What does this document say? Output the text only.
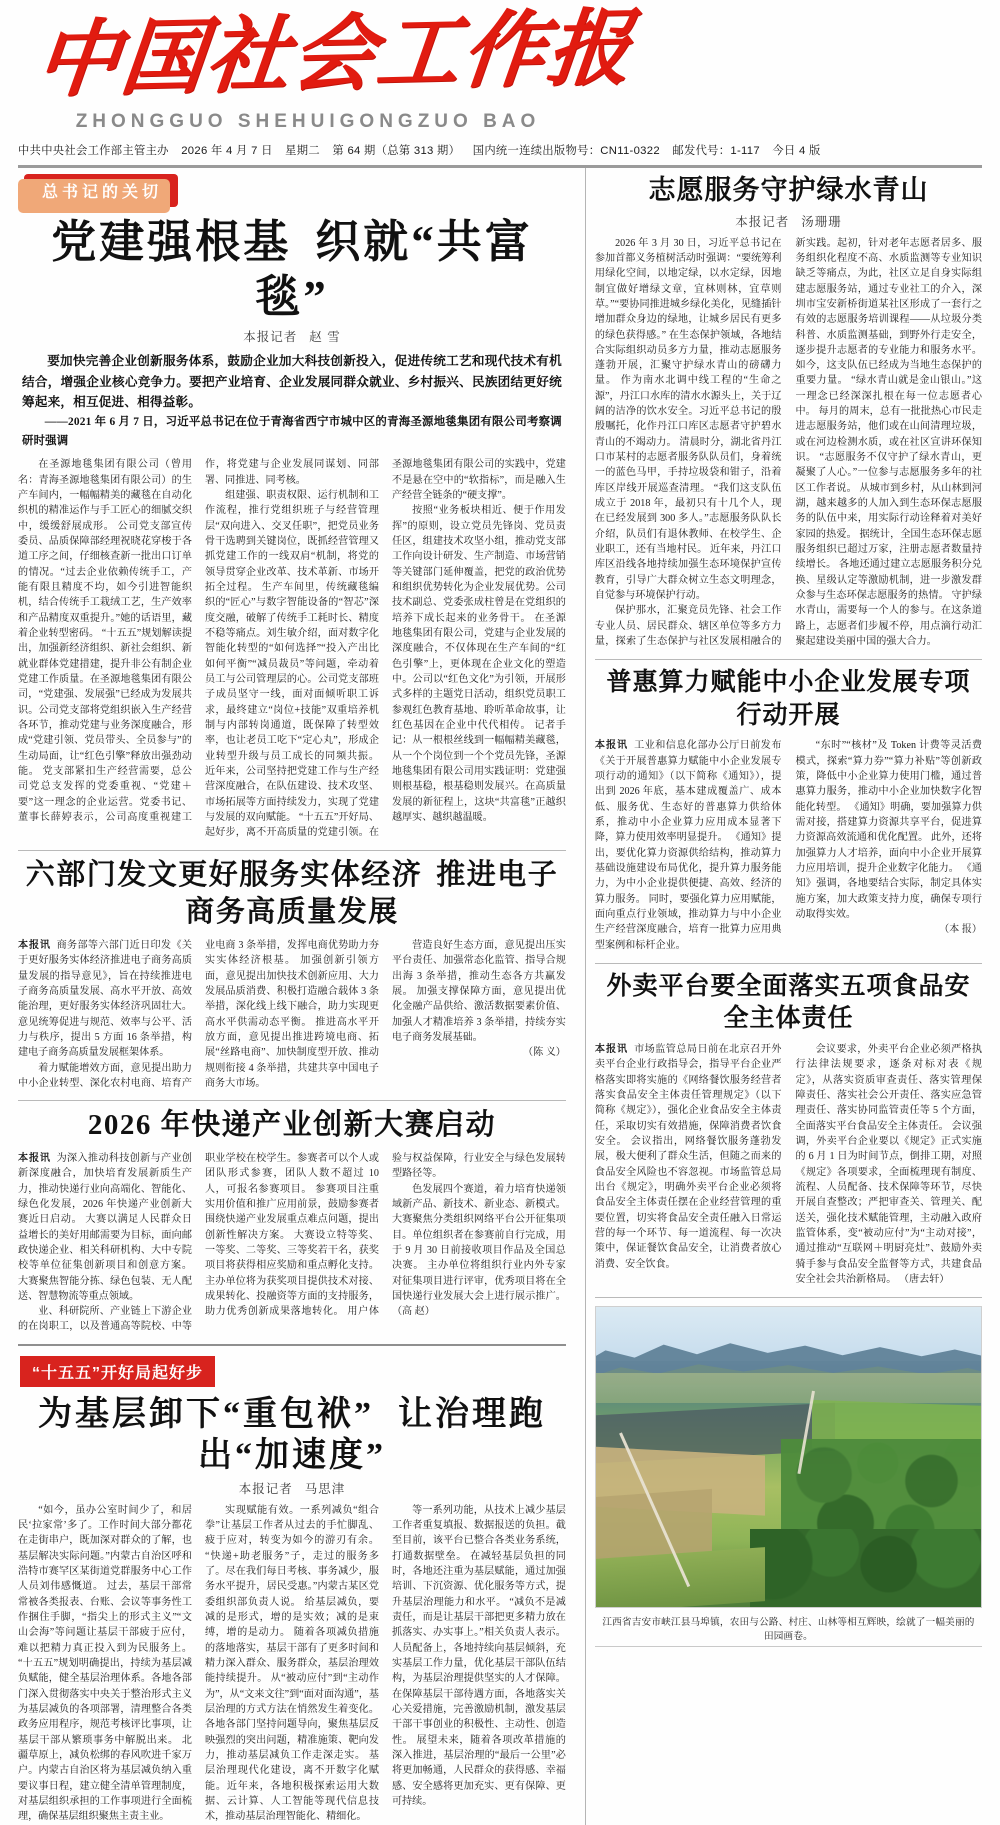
中国社会工作报
ZHONGGUO SHEHUIGONGZUO BAO
中共中央社会工作部主管主办 2026 年 4 月 7 日 星期二 第 64 期（总第 313 期） 国内统一连续出版物号：CN11-0322 邮发代号：1-117 今日 4 版
总书记的关切
党建强根基 织就“共富毯”
本报记者 赵 雪

要加快完善企业创新服务体系，鼓励企业加大科技创新投入，促进传统工艺和现代技术有机结合，增强企业核心竞争力。要把产业培育、企业发展同群众就业、乡村振兴、民族团结更好统筹起来，相互促进、相得益彰。

——2021 年 6 月 7 日，习近平总书记在位于青海省西宁市城中区的青海圣源地毯集团有限公司考察调研时强调

在圣源地毯集团有限公司（曾用名：青海圣源地毯集团有限公司）的生产车间内，一幅幅精美的藏毯在自动化织机的精准运作与手工匠心的细腻交织中，缓缓舒展成形。 公司党支部宣传委员、品质保障部经理祝晓花穿梭于各道工序之间，仔细核查新一批出口订单的情况。“过去企业依赖传统手工，产能有限且精度不均，如今引进智能织机，结合传统手工栽绒工艺，生产效率和产品精度双重提升。”她的话语里，藏着企业转型密码。 “十五五”规划解读提出，加强新经济组织、新社会组织、新就业群体党建措建，提升非公有制企业党建工作质量。在圣源地毯集团有限公司，“党建强、发展强”已经成为发展共识。公司党支部将党组织嵌入生产经营各环节，推动党建与业务深度融合，形成“党建引领、党员带头、全员参与”的生动局面，让“红色引擎”释放出强劲动能。 党支部紧扣生产经营需要，总公司党总支发挥的党委重视、“党建＋要”这一理念的企业运营。党委书记、董事长薛婷表示，公司高度重视建工作，将党建与企业发展同谋划、同部署、同推进、同考核。

组建强、职责权限、运行机制和工作流程，推行党组织班子与经营管理层“双向进入、交叉任职”，把党员业务骨干选聘到关键岗位，既抓经营管理又抓党建工作的一线双肩“机制，将党的领导贯穿企业改革、技术革新、市场开拓全过程。 生产车间里，传统藏毯编织的“匠心”与数字智能设备的“智芯”深度交融，破解了传统手工耗时长、精度不稳等痛点。刘生敏介绍，面对数字化智能化转型的“如何选择”“投入产出比如何平衡”“减员裁员”等问题，牵动着员工与公司管理层的心。公司党支部班子成员坚守一线，面对面倾听职工诉求，最终建立“岗位+技能”双重培养机制与内部转岗通道，既保障了转型效率，也让老员工吃下“定心丸”，形成企业转型升级与员工成长的同频共振。 近年来，公司坚持把党建工作与生产经营深度融合，在队伍建设、技术攻坚、市场拓展等方面持续发力，实现了党建与发展的双向赋能。 “十五五”开好局、起好步，离不开高质量的党建引领。在圣源地毯集团有限公司的实践中，党建不是悬在空中的“软指标”，而是融入生产经营全链条的“硬支撑”。

按照“业务板块相近、便于作用发挥”的原则，设立党员先锋岗、党员责任区，组建技术攻坚小组，推动党支部工作向设计研发、生产制造、市场营销等关键部门延伸覆盖，把党的政治优势和组织优势转化为企业发展优势。公司技术副总、党委张成柱曾是在党组织的培养下成长起来的业务骨干。 在圣源地毯集团有限公司，党建与企业发展的深度融合，不仅体现在生产车间的“红色引擎”上，更体现在企业文化的塑造中。公司以“红色文化”为引领，开展形式多样的主题党日活动，组织党员职工参观红色教育基地、聆听革命故事，让红色基因在企业中代代相传。 记者手记：从一根根丝线到一幅幅精美藏毯，从一个个岗位到一个个党员先锋，圣源地毯集团有限公司用实践证明：党建强则根基稳，根基稳则发展兴。在高质量发展的新征程上，这块“共富毯”正越织越厚实、越织越温暖。

六部门发文更好服务实体经济 推进电子商务高质量发展

本报讯 商务部等六部门近日印发《关于更好服务实体经济推进电子商务高质量发展的指导意见》，旨在持续推进电子商务高质量发展、高水平开放、高效能治理，更好服务实体经济巩固壮大。 意见统筹促进与规范、效率与公平、活力与秩序，提出 5 方面 16 条举措，构建电子商务高质量发展框架体系。

着力赋能增效方面，意见提出助力中小企业转型、深化农村电商、培育产业电商 3 条举措，发挥电商优势助力夯实实体经济根基。 加强创新引领方面，意见提出加快技术创新应用、大力发展品质消费、积极打造融合载体 3 条举措，深化线上线下融合，助力实现更高水平供需动态平衡。 推进高水平开放方面，意见提出推进跨境电商、拓展“丝路电商”、加快制度型开放、推动规则衔接 4 条举措，共建共享中国电子商务大市场。

营造良好生态方面，意见提出压实平台责任、加强常态化监管、指导合规出海 3 条举措，推动生态各方共赢发展。 加强支撑保障方面，意见提出优化金融产品供给、激活数据要素价值、加强人才精准培养 3 条举措，持续夯实电子商务发展基础。

（陈 义）

2026 年快递产业创新大赛启动

本报讯 为深入推动科技创新与产业创新深度融合，加快培育发展新质生产力，推动快递行业向高端化、智能化、绿色化发展，2026 年快递产业创新大赛近日启动。 大赛以满足人民群众日益增长的美好用邮需要为目标，面向邮政快递企业、相关科研机构、大中专院校等单位征集创新项目和创意方案。 大赛聚焦智能分拣、绿色包装、无人配送、智慧物流等重点领域。

业、科研院所、产业链上下游企业的在岗职工，以及普通高等院校、中等职业学校在校学生。参赛者可以个人或团队形式参赛，团队人数不超过 10 人，可报名参赛项目。 参赛项目注重实用价值和推广应用前景，鼓励参赛者围绕快递产业发展重点难点问题，提出创新性解决方案。 大赛设立特等奖、一等奖、二等奖、三等奖若干名，获奖项目将获得相应奖励和重点孵化支持。 主办单位将为获奖项目提供技术对接、成果转化、投融资等方面的支持服务，助力优秀创新成果落地转化。 用户体验与权益保障，行业安全与绿色发展转型路径等。

色发展四个赛道，着力培育快递领域新产品、新技术、新业态、新模式。 大赛聚焦分类组织网络平台公开征集项目。单位组织者在参赛前自行完成，用于 9 月 30 日前接收项目作品及全国总决赛。 主办单位将组织行业内外专家对征集项目进行评审，优秀项目将在全国快递行业发展大会上进行展示推广。 （高 赵）

“十五五”开好局起好步
为基层卸下“重包袱” 让治理跑出“加速度”
本报记者 马思津

“如今，虽办公室时间少了，和居民‘拉家常’多了。工作时间大部分都花在走街串户，既加深对群众的了解，也基层解决实际问题。”内蒙古自治区呼和浩特市赛罕区某街道党群服务中心工作人员刘伟感慨道。 过去，基层干部常常被各类报表、台账、会议等事务性工作捆住手脚，“指尖上的形式主义”“文山会海”等问题让基层干部疲于应付，难以把精力真正投入到为民服务上。 “十五五”规划明确提出，持续为基层减负赋能，健全基层治理体系。各地各部门深入贯彻落实中央关于整治形式主义为基层减负的各项部署，清理整合各类政务应用程序，规范考核评比事项，让基层干部从繁琐事务中解脱出来。 北疆草原上，减负松绑的春风吹进千家万户。内蒙古自治区将为基层减负纳入重要议事日程，建立健全清单管理制度，对基层组织承担的工作事项进行全面梳理，确保基层组织聚焦主责主业。

实现赋能有效。一系列减负“组合拳”让基层工作者从过去的手忙脚乱、疲于应对，转变为如今的游刃有余。 “快递+助老服务”子，走过的服务多了。尽在我们每日考核、事务减少，服务水平提升，居民受惠。”内蒙古某区党委组织部负责人说。 给基层减负，要减的是形式，增的是实效；减的是束缚，增的是动力。 随着各项减负措施的落地落实，基层干部有了更多时间和精力深入群众、服务群众，基层治理效能持续提升。 从“被动应付”到“主动作为”，从“文来文往”到“面对面沟通”，基层治理的方式方法在悄然发生着变化。 各地各部门坚持问题导向，聚焦基层反映强烈的突出问题，精准施策、靶向发力，推动基层减负工作走深走实。 基层治理现代化建设，离不开数字化赋能。近年来，各地积极探索运用大数据、云计算、人工智能等现代信息技术，推动基层治理智能化、精细化。

等一系列功能，从技术上减少基层工作者重复填报、数据报送的负担。截至目前，该平台已整合各类业务系统，打通数据壁垒。 在减轻基层负担的同时，各地还注重为基层赋能，通过加强培训、下沉资源、优化服务等方式，提升基层治理能力和水平。 “减负不是减责任，而是让基层干部把更多精力放在抓落实、办实事上。”相关负责人表示。 人员配备上，各地持续向基层倾斜，充实基层工作力量，优化基层干部队伍结构，为基层治理提供坚实的人才保障。 在保障基层干部待遇方面，各地落实关心关爱措施，完善激励机制，激发基层干部干事创业的积极性、主动性、创造性。 展望未来，随着各项改革措施的深入推进，基层治理的“最后一公里”必将更加畅通，人民群众的获得感、幸福感、安全感将更加充实、更有保障、更可持续。

志愿服务守护绿水青山
本报记者 汤珊珊

2026 年 3 月 30 日，习近平总书记在参加首都义务植树活动时强调：“要统筹利用绿化空间，以地定绿，以水定绿，因地制宜做好增绿文章，宜林则林，宜草则草。”“要协同推进城乡绿化美化，见缝插针增加群众身边的绿地，让城乡居民有更多的绿色获得感。” 在生态保护领域，各地结合实际组织动员多方力量，推动志愿服务蓬勃开展，汇聚守护绿水青山的磅礴力量。 作为南水北调中线工程的“生命之源”，丹江口水库的清水水源头上，关于辽阔的洁净的饮水安全。习近平总书记的殷殷嘱托，化作丹江口库区志愿者守护碧水青山的不竭动力。 清晨时分，湖北省丹江口市某村的志愿者服务队队员们，身着统一的蓝色马甲，手持垃圾袋和钳子，沿着库区岸线开展巡查清理。 “我们这支队伍成立于 2018 年，最初只有十几个人，现在已经发展到 300 多人。”志愿服务队队长介绍，队员们有退休教师、在校学生、企业职工，还有当地村民。 近年来，丹江口库区沿线各地持续加强生态环境保护宣传教育，引导广大群众树立生态文明理念，自觉参与环境保护行动。

保护那水，汇聚竞员先锋、社会工作专业人员、居民群众、辖区单位等多方力量，探索了生态保护与社区发展相融合的新实践。起初，针对老年志愿者居多、服务组织化程度不高、水质监测等专业知识缺乏等痛点，为此，社区立足自身实际组建志愿服务站，通过专业社工的介入，深圳市宝安新桥街道某社区形成了一套行之有效的志愿服务培训课程——从垃圾分类科普、水质监测基础，到野外行走安全，逐步提升志愿者的专业能力和服务水平。 如今，这支队伍已经成为当地生态保护的重要力量。 “绿水青山就是金山银山。”这一理念已经深深扎根在每一位志愿者心中。 每月的周末，总有一批批热心市民走进志愿服务站，他们或在山间清理垃圾，或在河边检测水质，或在社区宣讲环保知识。 “志愿服务不仅守护了绿水青山，更凝聚了人心。”一位参与志愿服务多年的社区工作者说。 从城市到乡村，从山林到河湖，越来越多的人加入到生态环保志愿服务的队伍中来，用实际行动诠释着对美好家园的热爱。 据统计，全国生态环保志愿服务组织已超过万家，注册志愿者数量持续增长。 各地还通过建立志愿服务积分兑换、星级认定等激励机制，进一步激发群众参与生态环保志愿服务的热情。 守护绿水青山，需要每一个人的参与。在这条道路上，志愿者们步履不停，用点滴行动汇聚起建设美丽中国的强大合力。

普惠算力赋能中小企业发展专项行动开展

本报讯 工业和信息化部办公厅日前发布《关于开展普惠算力赋能中小企业发展专项行动的通知》（以下简称《通知》），提出到 2026 年底，基本建成覆盖广、成本低、服务优、生态好的普惠算力供给体系，推动中小企业算力应用成本显著下降，算力使用效率明显提升。 《通知》提出，要优化算力资源供给结构，推动算力基础设施建设布局优化，提升算力服务能力，为中小企业提供便捷、高效、经济的算力服务。 同时，要强化算力应用赋能，面向重点行业领域，推动算力与中小企业生产经营深度融合，培育一批算力应用典型案例和标杆企业。

“东时”“核材”及 Token 计费等灵活费模式，探索“算力券”“算力补贴”等创新政策，降低中小企业算力使用门槛，通过普惠算力服务，推动中小企业加快数字化智能化转型。 《通知》明确，要加强算力供需对接，搭建算力资源共享平台，促进算力资源高效流通和优化配置。 此外，还将加强算力人才培养，面向中小企业开展算力应用培训，提升企业数字化能力。 《通知》强调，各地要结合实际，制定具体实施方案，加大政策支持力度，确保专项行动取得实效。

（本 报）

外卖平台要全面落实五项食品安全主体责任

本报讯 市场监管总局日前在北京召开外卖平台企业行政指导会，指导平台企业严格落实即将实施的《网络餐饮服务经营者落实食品安全主体责任管理规定》（以下简称《规定》），强化企业食品安全主体责任，采取切实有效措施，保障消费者饮食安全。 会议指出，网络餐饮服务蓬勃发展，极大便利了群众生活，但随之而来的食品安全风险也不容忽视。市场监管总局出台《规定》，明确外卖平台企业必须将食品安全主体责任摆在企业经营管理的重要位置，切实将食品安全责任融入日常运营的每一个环节、每一道流程、每一次决策中，保证餐饮食品安全，让消费者放心消费、安全饮食。

会议要求，外卖平台企业必须严格执行法律法规要求，逐条对标对表《规定》，从落实资质审查责任、落实管理保障责任、落实社会公开责任、落实应急管理责任、落实协同监管责任等 5 个方面，全面落实平台食品安全主体责任。 会议强调，外卖平台企业要以《规定》正式实施的 6 月 1 日为时间节点，倒排工期，对照《规定》各项要求，全面梳理现有制度、流程、人员配备、技术保障等环节，尽快开展自查整改；严把审查关、管理关、配送关，强化技术赋能管理，主动融入政府监管体系，变“被动应付”为“主动对接”，通过推动“互联网＋明厨亮灶”、鼓励外卖骑手参与食品安全监督等方式，共建食品安全社会共治新格局。 （唐去轩）

江西省吉安市峡江县马埠镇，农田与公路、村庄、山林等相互辉映，绘就了一幅美丽的田园画卷。
